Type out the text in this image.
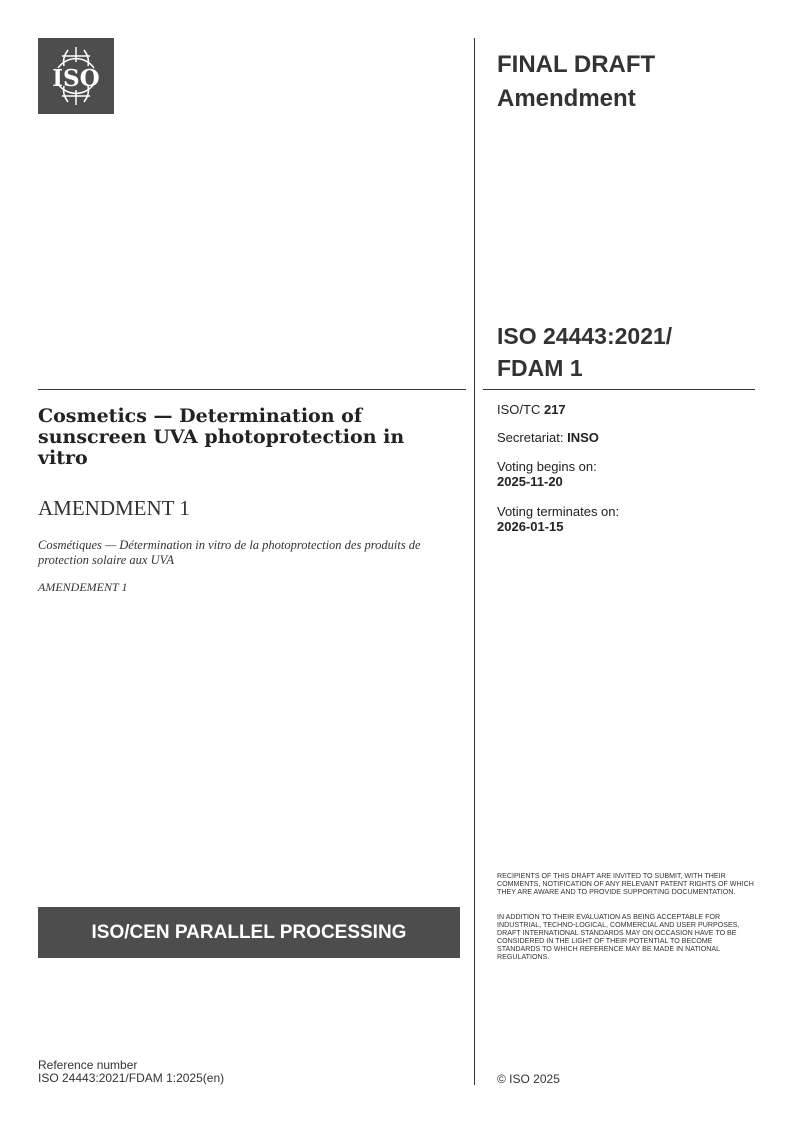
ISO
FINAL DRAFT
Amendment
ISO 24443:2021/
FDAM 1
ISO/TC 217
Secretariat: INSO
Voting begins on:
2025-11-20
Voting terminates on:
2026-01-15
Cosmetics — Determination of sunscreen UVA photoprotection in vitro
AMENDMENT 1
Cosmétiques — Détermination in vitro de la photoprotection des produits de protection solaire aux UVA
AMENDEMENT 1
ISO/CEN PARALLEL PROCESSING
RECIPIENTS OF THIS DRAFT ARE INVITED TO SUBMIT, WITH THEIR COMMENTS, NOTIFICATION OF ANY RELEVANT PATENT RIGHTS OF WHICH THEY ARE AWARE AND TO PROVIDE SUPPORTING DOCUMENTATION.
IN ADDITION TO THEIR EVALUATION AS BEING ACCEPTABLE FOR INDUSTRIAL, TECHNO-LOGICAL, COMMERCIAL AND USER PURPOSES, DRAFT INTERNATIONAL STANDARDS MAY ON OCCASION HAVE TO BE CONSIDERED IN THE LIGHT OF THEIR POTENTIAL TO BECOME STANDARDS TO WHICH REFERENCE MAY BE MADE IN NATIONAL REGULATIONS.
Reference number
ISO 24443:2021/FDAM 1:2025(en)	© ISO 2025
